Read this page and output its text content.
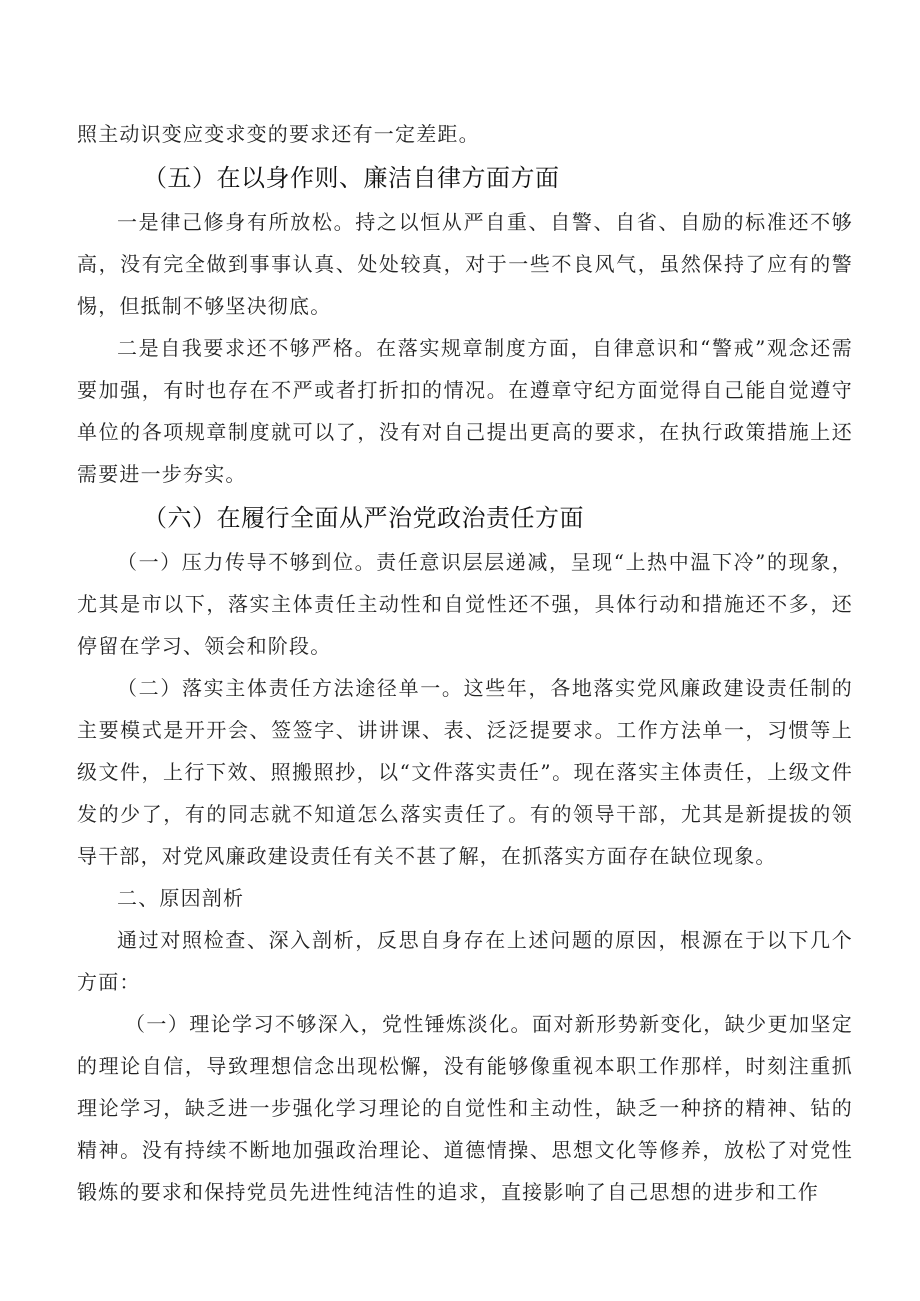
照主动识变应变求变的要求还有一定差距。

（五）在以身作则、廉洁自律方面方面

一是律己修身有所放松。持之以恒从严自重、自警、自省、自励的标准还不够高，没有完全做到事事认真、处处较真，对于一些不良风气，虽然保持了应有的警惕，但抵制不够坚决彻底。

二是自我要求还不够严格。在落实规章制度方面，自律意识和“警戒”观念还需要加强，有时也存在不严或者打折扣的情况。在遵章守纪方面觉得自己能自觉遵守单位的各项规章制度就可以了，没有对自己提出更高的要求，在执行政策措施上还需要进一步夯实。

（六）在履行全面从严治党政治责任方面

（一）压力传导不够到位。责任意识层层递减，呈现“上热中温下冷”的现象，尤其是市以下，落实主体责任主动性和自觉性还不强，具体行动和措施还不多，还停留在学习、领会和阶段。

（二）落实主体责任方法途径单一。这些年，各地落实党风廉政建设责任制的主要模式是开开会、签签字、讲讲课、表、泛泛提要求。工作方法单一，习惯等上级文件，上行下效、照搬照抄，以“文件落实责任”。现在落实主体责任，上级文件发的少了，有的同志就不知道怎么落实责任了。有的领导干部，尤其是新提拔的领导干部，对党风廉政建设责任有关不甚了解，在抓落实方面存在缺位现象。

二、原因剖析

通过对照检查、深入剖析，反思自身存在上述问题的原因，根源在于以下几个方面：

（一）理论学习不够深入，党性锤炼淡化。面对新形势新变化，缺少更加坚定的理论自信，导致理想信念出现松懈，没有能够像重视本职工作那样，时刻注重抓理论学习，缺乏进一步强化学习理论的自觉性和主动性，缺乏一种挤的精神、钻的精神。没有持续不断地加强政治理论、道德情操、思想文化等修养，放松了对党性锻炼的要求和保持党员先进性纯洁性的追求，直接影响了自己思想的进步和工作
